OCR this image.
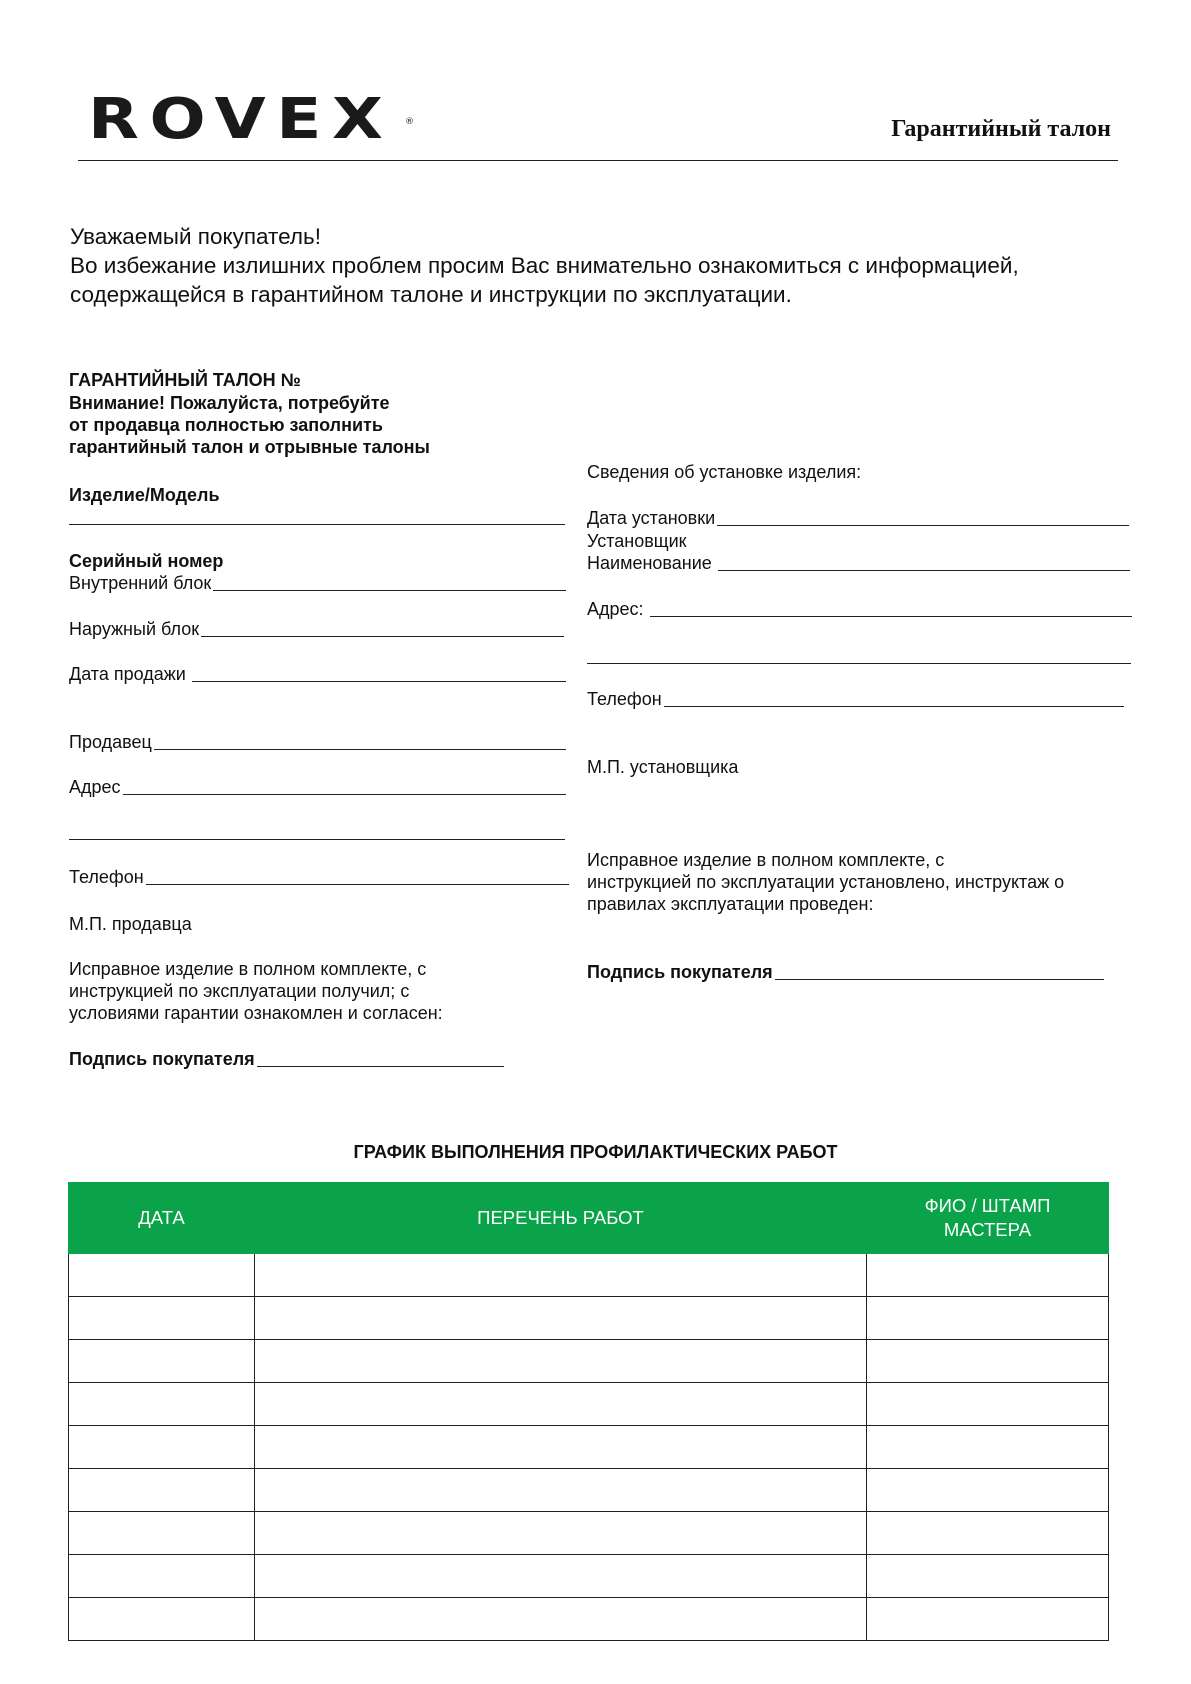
ROVEX ®	Гарантийный талон
Уважаемый покупатель!
Во избежание излишних проблем просим Вас внимательно ознакомиться с информацией,
содержащейся в гарантийном талоне и инструкции по эксплуатации.
ГАРАНТИЙНЫЙ ТАЛОН №
Внимание! Пожалуйста, потребуйте
от продавца полностью заполнить
гарантийный талон и отрывные талоны
Изделие/Модель
Серийный номер
Внутренний блок
Наружный блок
Дата продажи
Продавец
Адрес
Телефон
М.П. продавца
Исправное изделие в полном комплекте, с
инструкцией по эксплуатации получил; с
условиями гарантии ознакомлен и согласен:
Подпись покупателя
Сведения об установке изделия:
Дата установки
Установщик
Наименование
Адрес:
Телефон
М.П. установщика
Исправное изделие в полном комплекте, с
инструкцией по эксплуатации установлено, инструктаж о
правилах эксплуатации проведен:
Подпись покупателя
ГРАФИК ВЫПОЛНЕНИЯ ПРОФИЛАКТИЧЕСКИХ РАБОТ
ДАТА	ПЕРЕЧЕНЬ РАБОТ	ФИО / ШТАМП
МАСТЕРА
